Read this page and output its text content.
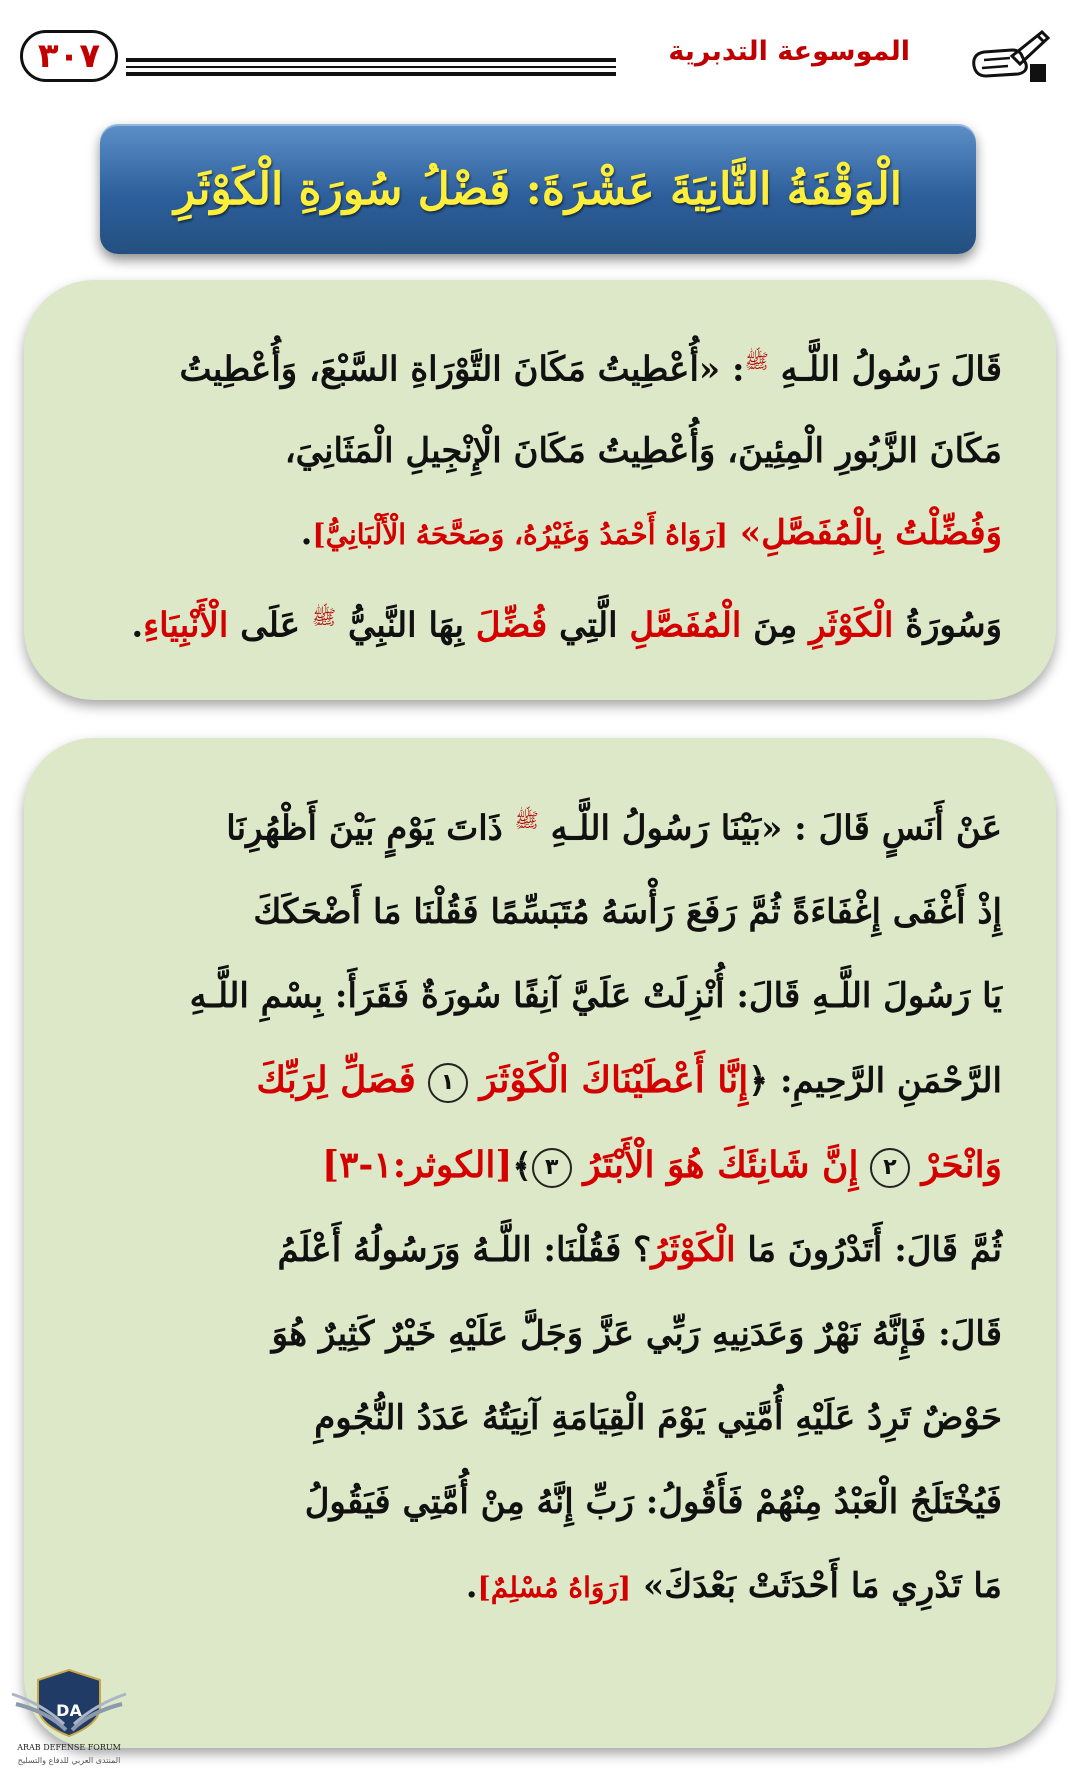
٣٠٧	الموسوعة التدبرية
الْوَقْفَةُ الثَّانِيَةَ عَشْرَةَ: فَضْلُ سُورَةِ الْكَوْثَرِ
قَالَ رَسُولُ اللَّـهِ $^ﷺ$: «أُعْطِيتُ مَكَانَ التَّوْرَاةِ السَّبْعَ، وَأُعْطِيتُ
مَكَانَ الزَّبُورِ الْمِئِينَ، وَأُعْطِيتُ مَكَانَ الْإِنْجِيلِ الْمَثَانِيَ،
وَفُضِّلْتُ بِالْمُفَصَّلِ» [رَوَاهُ أَحْمَدُ وَغَيْرُهُ، وَصَحَّحَهُ الْأَلْبَانِيُّ].
وَسُورَةُ الْكَوْثَرِ مِنَ الْمُفَصَّلِ الَّتِي فُضِّلَ بِهَا النَّبِيُّ $^ﷺ$ عَلَى الْأَنْبِيَاءِ.
عَنْ أَنَسٍ قَالَ : «بَيْنَا رَسُولُ اللَّـهِ $^ﷺ$ ذَاتَ يَوْمٍ بَيْنَ أَظْهُرِنَا
إِذْ أَغْفَى إِغْفَاءَةً ثُمَّ رَفَعَ رَأْسَهُ مُتَبَسِّمًا فَقُلْنَا مَا أَضْحَكَكَ
يَا رَسُولَ اللَّـهِ قَالَ: أُنْزِلَتْ عَلَيَّ آنِفًا سُورَةٌ فَقَرَأَ: بِسْمِ اللَّـهِ
الرَّحْمَنِ الرَّحِيمِ: ﴿إِنَّا أَعْطَيْنَاكَ الْكَوْثَرَ ١ فَصَلِّ لِرَبِّكَ
وَانْحَرْ ٢ إِنَّ شَانِئَكَ هُوَ الْأَبْتَرُ ٣﴾[الكوثر:١-٣]
ثُمَّ قَالَ: أَتَدْرُونَ مَا الْكَوْثَرُ؟ فَقُلْنَا: اللَّـهُ وَرَسُولُهُ أَعْلَمُ
قَالَ: فَإِنَّهُ نَهْرٌ وَعَدَنِيهِ رَبِّي عَزَّ وَجَلَّ عَلَيْهِ خَيْرٌ كَثِيرٌ هُوَ
حَوْضٌ تَرِدُ عَلَيْهِ أُمَّتِي يَوْمَ الْقِيَامَةِ آنِيَتُهُ عَدَدُ النُّجُومِ
فَيُخْتَلَجُ الْعَبْدُ مِنْهُمْ فَأَقُولُ: رَبِّ إِنَّهُ مِنْ أُمَّتِي فَيَقُولُ
مَا تَدْرِي مَا أَحْدَثَتْ بَعْدَكَ» [رَوَاهُ مُسْلِمٌ].
DA
ARAB DEFENSE FORUM
المنتدى العربي للدفاع والتسليح
